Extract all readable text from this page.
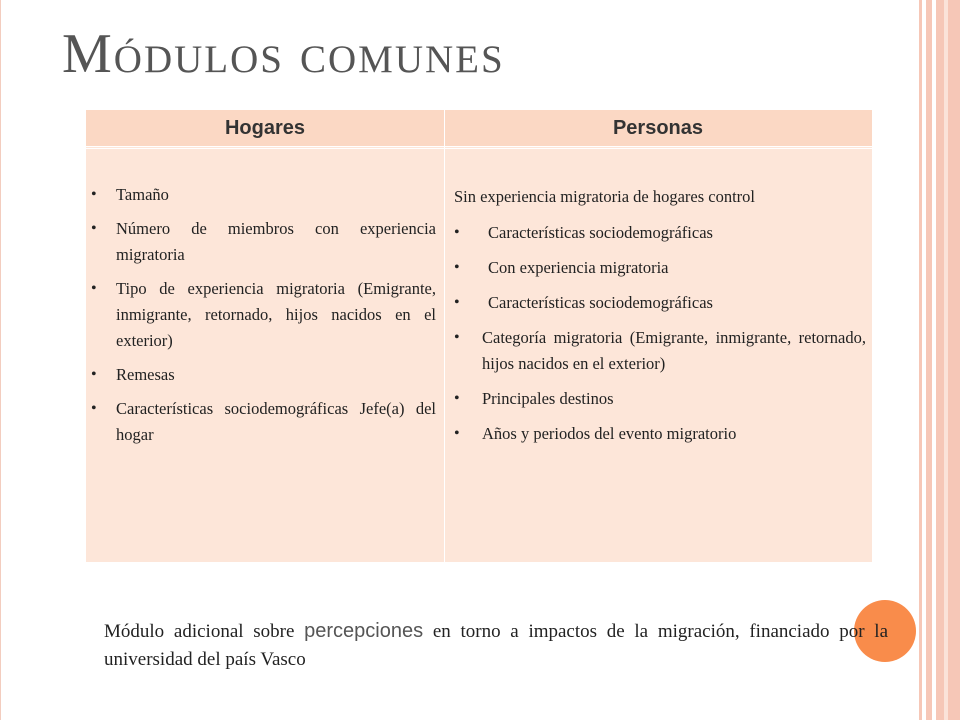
Módulos comunes
Hogares	Personas
• Tamaño
• Número de miembros con experiencia migratoria
• Tipo de experiencia migratoria (Emigrante, inmigrante, retornado, hijos nacidos en el exterior)
• Remesas
• Características sociodemográficas Jefe(a) del hogar

Sin experiencia migratoria de hogares control

• Características sociodemográficas
• Con experiencia migratoria
• Características sociodemográficas
• Categoría migratoria (Emigrante, inmigrante, retornado, hijos nacidos en el exterior)
• Principales destinos
• Años y periodos del evento migratorio

Módulo adicional sobre percepciones en torno a impactos de la migración, financiado por la universidad del país Vasco
